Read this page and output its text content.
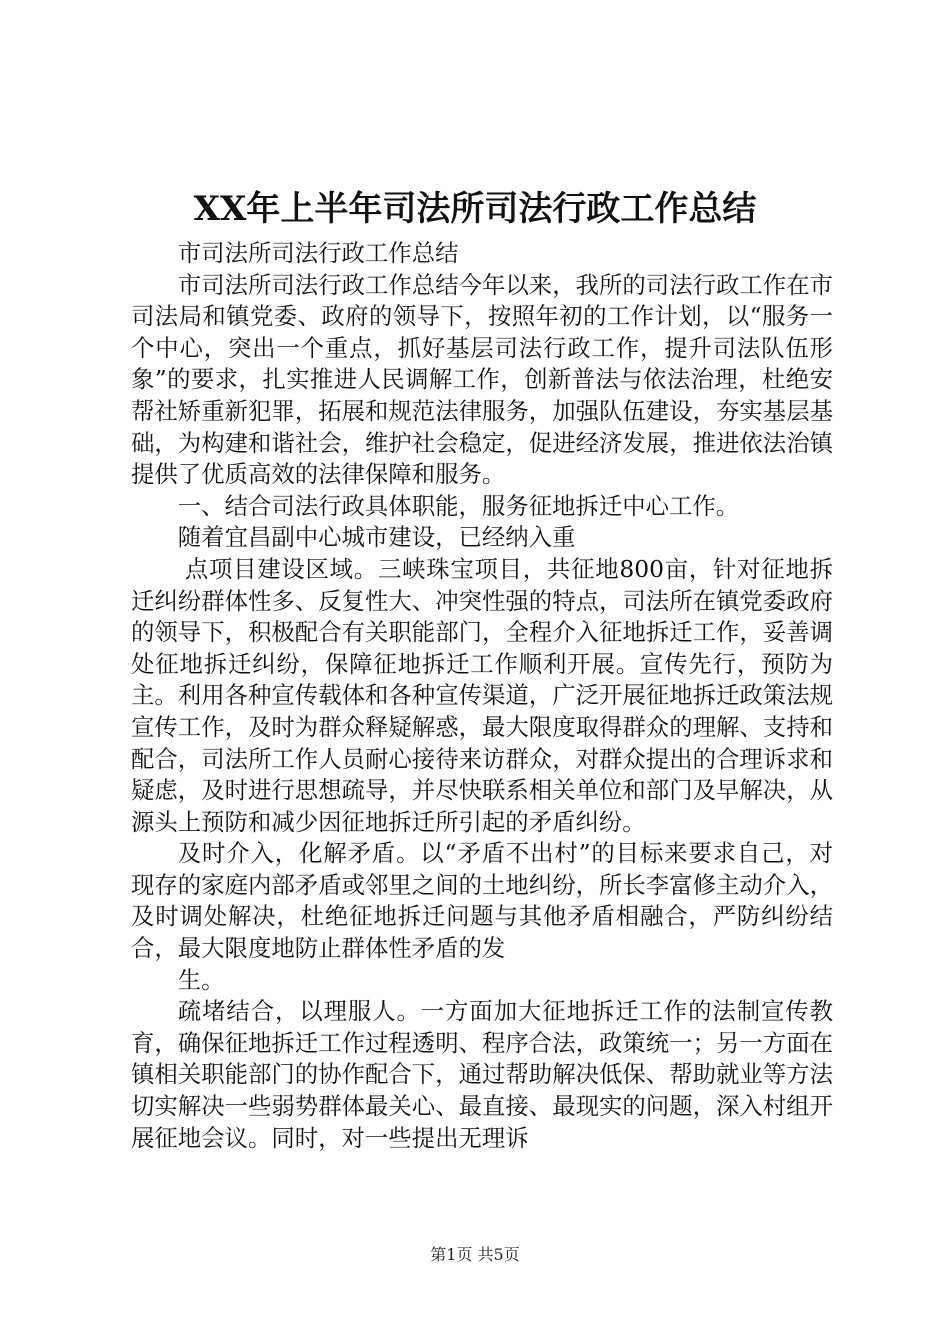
XX年上半年司法所司法行政工作总结

市司法所司法行政工作总结

市司法所司法行政工作总结今年以来，我所的司法行政工作在市司法局和镇党委、政府的领导下，按照年初的工作计划，以“服务一个中心，突出一个重点，抓好基层司法行政工作，提升司法队伍形象”的要求，扎实推进人民调解工作，创新普法与依法治理，杜绝安帮社矫重新犯罪，拓展和规范法律服务，加强队伍建设，夯实基层基础，为构建和谐社会，维护社会稳定，促进经济发展，推进依法治镇提供了优质高效的法律保障和服务。

一、结合司法行政具体职能，服务征地拆迁中心工作。

随着宜昌副中心城市建设，已经纳入重

点项目建设区域。三峡珠宝项目，共征地800亩，针对征地拆迁纠纷群体性多、反复性大、冲突性强的特点，司法所在镇党委政府的领导下，积极配合有关职能部门，全程介入征地拆迁工作，妥善调处征地拆迁纠纷，保障征地拆迁工作顺利开展。宣传先行，预防为主。利用各种宣传载体和各种宣传渠道，广泛开展征地拆迁政策法规宣传工作，及时为群众释疑解惑，最大限度取得群众的理解、支持和配合，司法所工作人员耐心接待来访群众，对群众提出的合理诉求和疑虑，及时进行思想疏导，并尽快联系相关单位和部门及早解决，从源头上预防和减少因征地拆迁所引起的矛盾纠纷。

及时介入，化解矛盾。以“矛盾不出村”的目标来要求自己，对现存的家庭内部矛盾或邻里之间的土地纠纷，所长李富修主动介入，及时调处解决，杜绝征地拆迁问题与其他矛盾相融合，严防纠纷结合，最大限度地防止群体性矛盾的发

生。

疏堵结合，以理服人。一方面加大征地拆迁工作的法制宣传教育，确保征地拆迁工作过程透明、程序合法，政策统一；另一方面在镇相关职能部门的协作配合下，通过帮助解决低保、帮助就业等方法切实解决一些弱势群体最关心、最直接、最现实的问题，深入村组开展征地会议。同时，对一些提出无理诉

第1页 共5页
